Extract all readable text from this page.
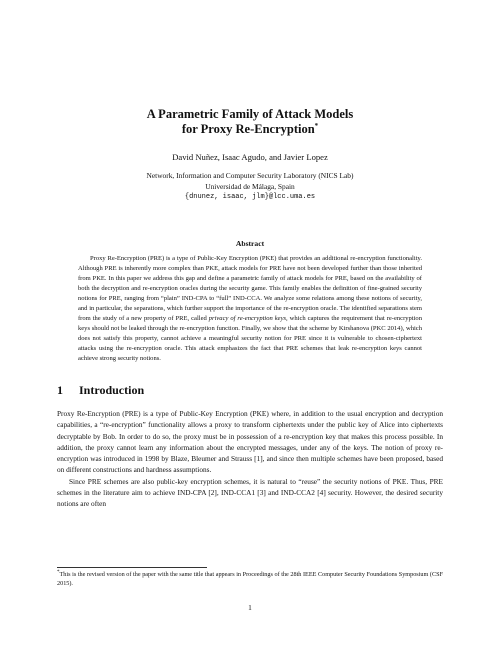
A Parametric Family of Attack Models
for Proxy Re-Encryption*
David Nuñez, Isaac Agudo, and Javier Lopez
Network, Information and Computer Security Laboratory (NICS Lab)
Universidad de Málaga, Spain
{dnunez, isaac, jlm}@lcc.uma.es
Abstract

Proxy Re-Encryption (PRE) is a type of Public-Key Encryption (PKE) that provides an additional re-encryption functionality. Although PRE is inherently more complex than PKE, attack models for PRE have not been developed further than those inherited from PKE. In this paper we address this gap and define a parametric family of attack models for PRE, based on the availability of both the decryption and re-encryption oracles during the security game. This family enables the definition of fine-grained security notions for PRE, ranging from “plain” IND-CPA to “full” IND-CCA. We analyze some relations among these notions of security, and in particular, the separations, which further support the importance of the re-encryption oracle. The identified separations stem from the study of a new property of PRE, called privacy of re-encryption keys, which captures the requirement that re-encryption keys should not be leaked through the re-encryption function. Finally, we show that the scheme by Kirshanova (PKC 2014), which does not satisfy this property, cannot achieve a meaningful security notion for PRE since it is vulnerable to chosen-ciphertext attacks using the re-encryption oracle. This attack emphasizes the fact that PRE schemes that leak re-encryption keys cannot achieve strong security notions.

1 Introduction

Proxy Re-Encryption (PRE) is a type of Public-Key Encryption (PKE) where, in addition to the usual encryption and decryption capabilities, a “re-encryption” functionality allows a proxy to transform ciphertexts under the public key of Alice into ciphertexts decryptable by Bob. In order to do so, the proxy must be in possession of a re-encryption key that makes this process possible. In addition, the proxy cannot learn any information about the encrypted messages, under any of the keys. The notion of proxy re-encryption was introduced in 1998 by Blaze, Bleumer and Strauss [1], and since then multiple schemes have been proposed, based on different constructions and hardness assumptions.

Since PRE schemes are also public-key encryption schemes, it is natural to “reuse” the security notions of PKE. Thus, PRE schemes in the literature aim to achieve IND-CPA [2], IND-CCA1 [3] and IND-CCA2 [4] security. However, the desired security notions are often

*This is the revised version of the paper with the same title that appears in Proceedings of the 28th IEEE Computer Security Foundations Symposium (CSF 2015).
1
